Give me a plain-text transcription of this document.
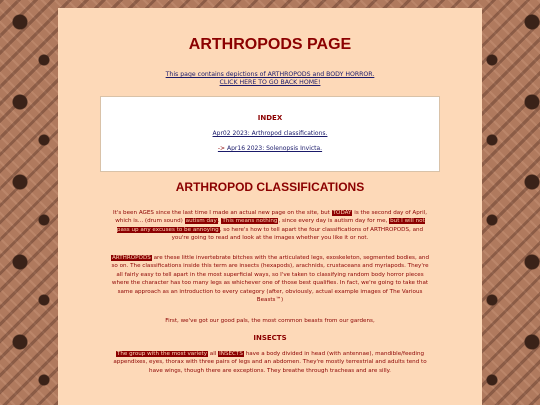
ARTHROPODS PAGE
This page contains depictions of ARTHROPODS and BODY HORROR.
CLICK HERE TO GO BACK HOME!

INDEX

Apr02 2023: Arthropod classifications.
-> Apr16 2023: Solenopsis Invicta.
ARTHROPOD CLASSIFICATIONS

It's been AGES since the last time I made an actual new page on the site, but TODAY is the second day of April, which is... (drum sound) autism day. This means nothing, since every day is autism day for me, but I will not pass up any excuses to be annoying, so here's how to tell apart the four classifications of ARTHROPODS, and you're going to read and look at the images whether you like it or not.

ARTHROPODS are these little invertebrate bitches with the articulated legs, exoskeleton, segmented bodies, and so on. The classifications inside this term are insects (hexapods), arachnids, crustaceans and myriapods. They're all fairly easy to tell apart in the most superficial ways, so I've taken to classifying random body horror pieces where the character has too many legs as whichever one of those best qualifies. In fact, we're going to take that same approach as an introduction to every category (after, obviously, actual example images of The Various Beasts™)

First, we've got our good pals, the most common beasts from our gardens,

INSECTS

The group with the most variety all INSECTS have a body divided in head (with antennae), mandible/feeding appendixes, eyes, thorax with three pairs of legs and an abdomen. They're mostly terrestrial and adults tend to have wings, though there are exceptions. They breathe through tracheas and are silly.
